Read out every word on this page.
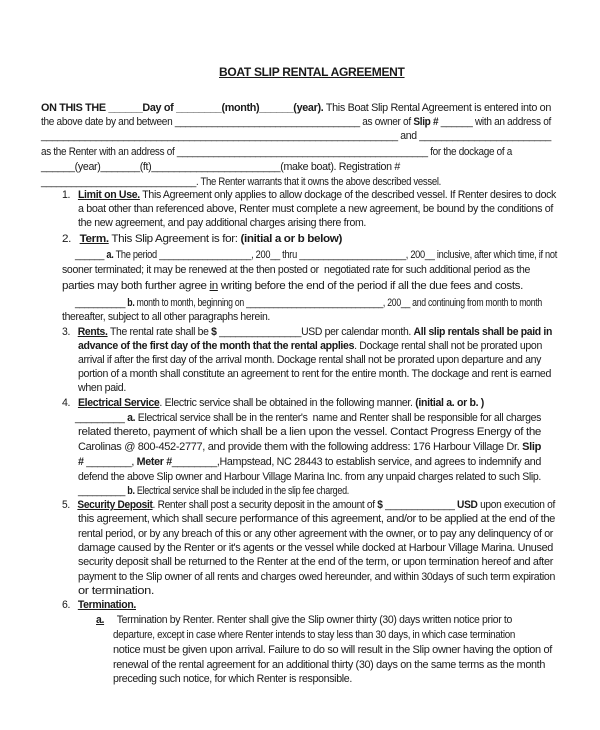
BOAT SLIP RENTAL AGREEMENT
ON THIS THE ______Day of ________(month)______(year). This Boat Slip Rental Agreement is entered into on
the above date by and between ___________________________________ as owner of Slip # ______ with an address of
_________________________________________________________________ and ________________________
as the Renter with an address of ________________________________________________ for the dockage of a
______(year)_______(ft)_______________________(make boat). Registration #
_______________________________. The Renter warrants that it owns the above described vessel.
1.   Limit on Use. This Agreement only applies to allow dockage of the described vessel. If Renter desires to dock
a boat other than referenced above, Renter must complete a new agreement, be bound by the conditions of
the new agreement, and pay additional charges arising there from.
2.   Term. This Slip Agreement is for: (initial a or b below)
______ a. The period ___________________, 200__ thru ______________________, 200__ inclusive, after which time, if not
sooner terminated; it may be renewed at the then posted or  negotiated rate for such additional period as the
parties may both further agree in writing before the end of the period if all the due fees and costs.
___________ b. month to month, beginning on ______________________________, 200__ and continuing from month to month
thereafter, subject to all other paragraphs herein.
3.   Rents. The rental rate shall be $ _______________USD per calendar month. All slip rentals shall be paid in
advance of the first day of the month that the rental applies. Dockage rental shall not be prorated upon
arrival if after the first day of the arrival month. Dockage rental shall not be prorated upon departure and any
portion of a month shall constitute an agreement to rent for the entire month. The dockage and rent is earned
when paid.
4.   Electrical Service. Electric service shall be obtained in the following manner. (initial a. or b. )
_________ a. Electrical service shall be in the renter's  name and Renter shall be responsible for all charges
related thereto, payment of which shall be a lien upon the vessel. Contact Progress Energy of the
Carolinas @ 800-452-2777, and provide them with the following address: 176 Harbour Village Dr. Slip
# ________, Meter #________,Hampstead, NC 28443 to establish service, and agrees to indemnify and
defend the above Slip owner and Harbour Village Marina Inc. from any unpaid charges related to such Slip.
__________ b. Electrical service shall be included in the slip fee charged.
5.   Security Deposit. Renter shall post a security deposit in the amount of $ _____________ USD upon execution of
this agreement, which shall secure performance of this agreement, and/or to be applied at the end of the
rental period, or by any breach of this or any other agreement with the owner, or to pay any delinquency of or
damage caused by the Renter or it's agents or the vessel while docked at Harbour Village Marina. Unused
security deposit shall be returned to the Renter at the end of the term, or upon termination hereof and after
payment to the Slip owner of all rents and charges owed hereunder, and within 30days of such term expiration
or termination.
6.   Termination.
a.     Termination by Renter. Renter shall give the Slip owner thirty (30) days written notice prior to
departure, except in case where Renter intends to stay less than 30 days, in which case termination
notice must be given upon arrival. Failure to do so will result in the Slip owner having the option of
renewal of the rental agreement for an additional thirty (30) days on the same terms as the month
preceding such notice, for which Renter is responsible.
